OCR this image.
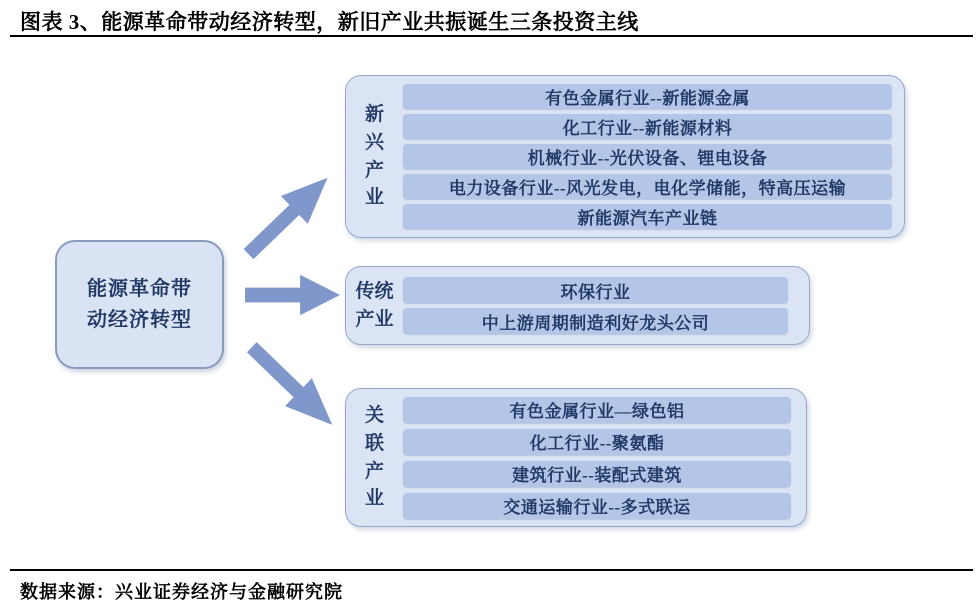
图表 3、能源革命带动经济转型，新旧产业共振诞生三条投资主线
能源革命带
动经济转型
新兴产业
有色金属行业--新能源金属
化工行业--新能源材料
机械行业--光伏设备、锂电设备
电力设备行业--风光发电，电化学储能，特高压运输
新能源汽车产业链
传统产业
环保行业
中上游周期制造利好龙头公司
关联产业
有色金属行业—绿色铝
化工行业--聚氨酯
建筑行业--装配式建筑
交通运输行业--多式联运
数据来源：兴业证券经济与金融研究院
